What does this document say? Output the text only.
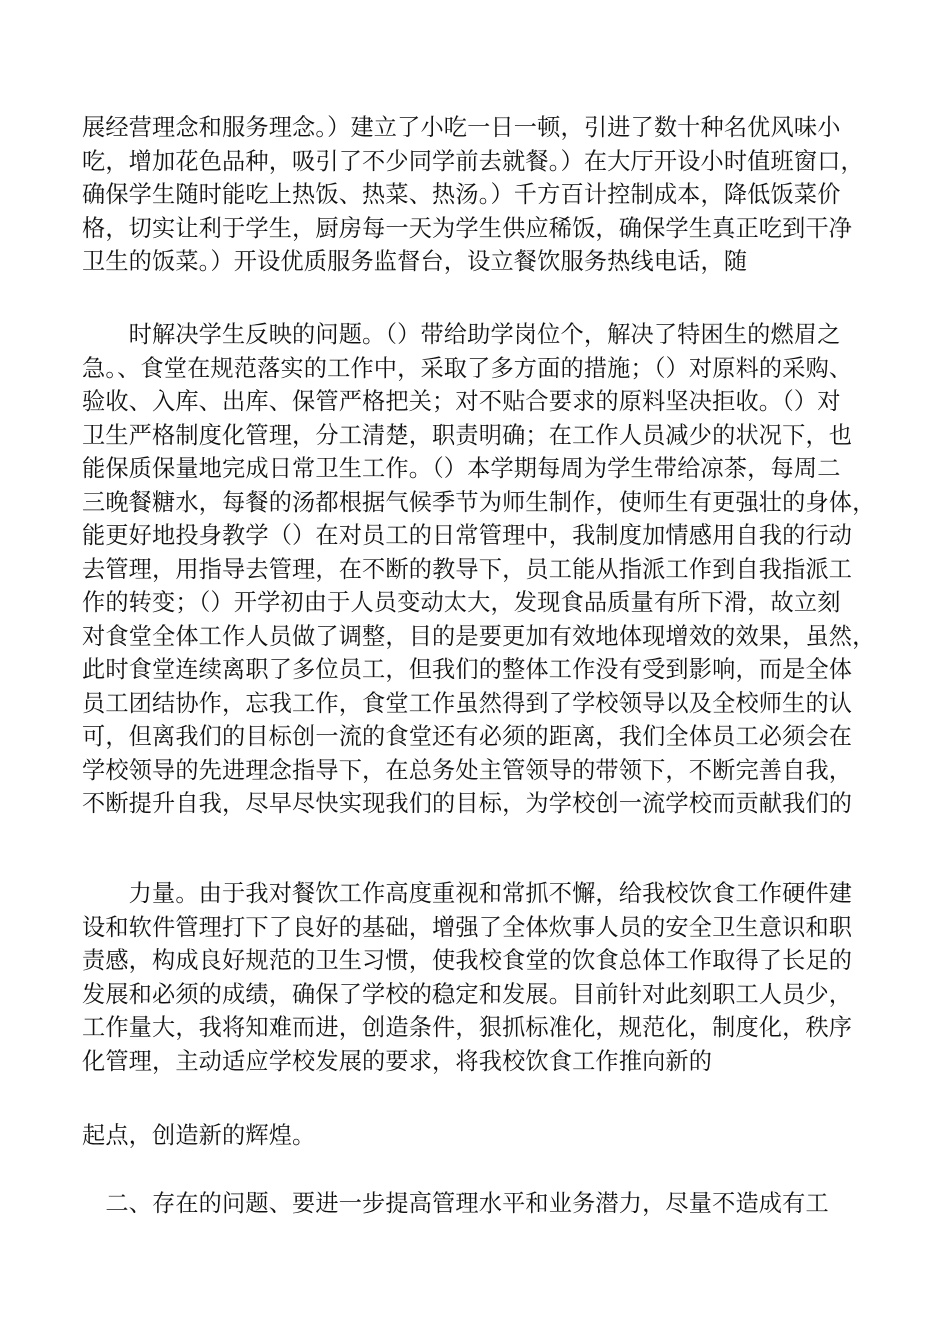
展经营理念和服务理念。）建立了小吃一日一顿，引进了数十种名优风味小
吃，增加花色品种，吸引了不少同学前去就餐。）在大厅开设小时值班窗口，
确保学生随时能吃上热饭、热菜、热汤。）千方百计控制成本，降低饭菜价
格，切实让利于学生，厨房每一天为学生供应稀饭，确保学生真正吃到干净
卫生的饭菜。）开设优质服务监督台，设立餐饮服务热线电话，随
　　时解决学生反映的问题。（）带给助学岗位个，解决了特困生的燃眉之
急。、食堂在规范落实的工作中，采取了多方面的措施；（）对原料的采购、
验收、入库、出库、保管严格把关；对不贴合要求的原料坚决拒收。（）对
卫生严格制度化管理，分工清楚，职责明确；在工作人员减少的状况下，也
能保质保量地完成日常卫生工作。（）本学期每周为学生带给凉茶，每周二
三晚餐糖水，每餐的汤都根据气候季节为师生制作，使师生有更强壮的身体，
能更好地投身教学（）在对员工的日常管理中，我制度加情感用自我的行动
去管理，用指导去管理，在不断的教导下，员工能从指派工作到自我指派工
作的转变；（）开学初由于人员变动太大，发现食品质量有所下滑，故立刻
对食堂全体工作人员做了调整，目的是要更加有效地体现增效的效果，虽然，
此时食堂连续离职了多位员工，但我们的整体工作没有受到影响，而是全体
员工团结协作，忘我工作，食堂工作虽然得到了学校领导以及全校师生的认
可，但离我们的目标创一流的食堂还有必须的距离，我们全体员工必须会在
学校领导的先进理念指导下，在总务处主管领导的带领下，不断完善自我，
不断提升自我，尽早尽快实现我们的目标，为学校创一流学校而贡献我们的
　　力量。由于我对餐饮工作高度重视和常抓不懈，给我校饮食工作硬件建
设和软件管理打下了良好的基础，增强了全体炊事人员的安全卫生意识和职
责感，构成良好规范的卫生习惯，使我校食堂的饮食总体工作取得了长足的
发展和必须的成绩，确保了学校的稳定和发展。目前针对此刻职工人员少，
工作量大，我将知难而进，创造条件，狠抓标准化，规范化，制度化，秩序
化管理，主动适应学校发展的要求，将我校饮食工作推向新的
起点，创造新的辉煌。
　二、存在的问题、要进一步提高管理水平和业务潜力，尽量不造成有工
